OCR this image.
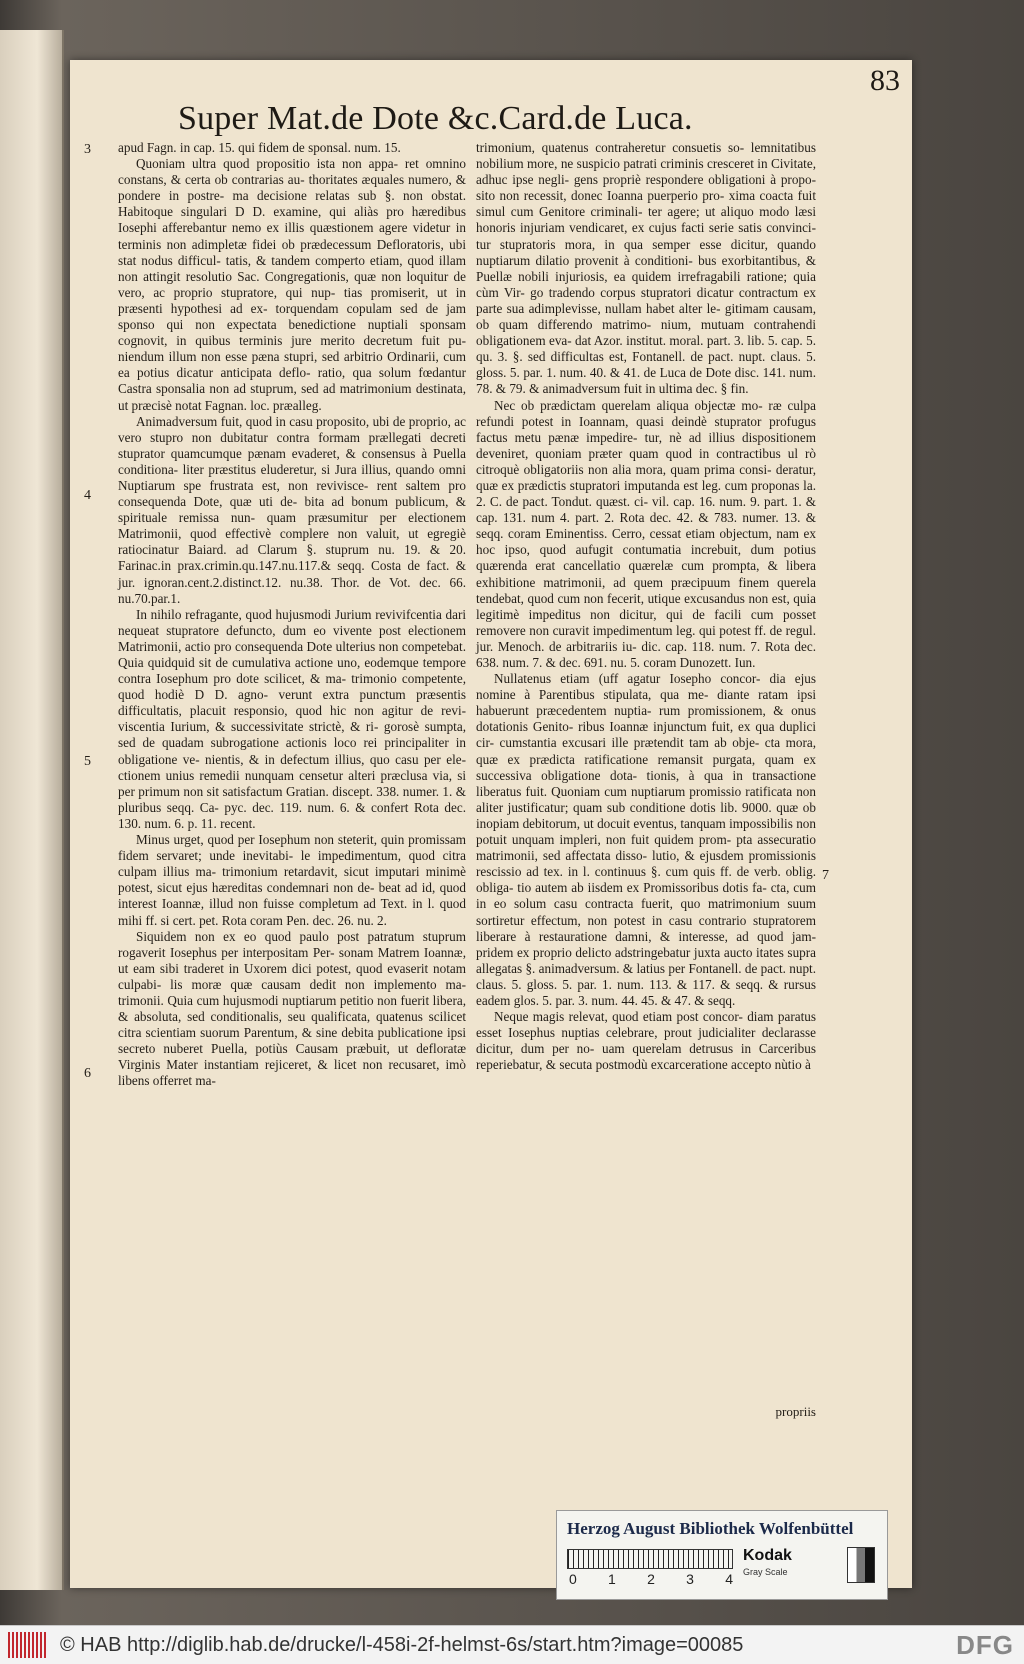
Super Mat.de Dote &c.Card.de Luca.
83
3
4
5
6
7

apud Fagn. in cap. 15. qui fidem de sponsal. num. 15.

Quoniam ultra quod propositio ista non appa- ret omnino constans, & certa ob contrarias au- thoritates æquales numero, & pondere in postre- ma decisione relatas sub §. non obstat. Habitoque singulari D D. examine, qui aliàs pro hæredibus Iosephi afferebantur nemo ex illis quæstionem agere videtur in terminis non adimpletæ fidei ob prædecessum Defloratoris, ubi stat nodus difficul- tatis, & tandem comperto etiam, quod illam non attingit resolutio Sac. Congregationis, quæ non loquitur de vero, ac proprio stupratore, qui nup- tias promiserit, ut in præsenti hypothesi ad ex- torquendam copulam sed de jam sponso qui non expectata benedictione nuptiali sponsam cognovit, in quibus terminis jure merito decretum fuit pu- niendum illum non esse pæna stupri, sed arbitrio Ordinarii, cum ea potius dicatur anticipata deflo- ratio, qua solum fœdantur Castra sponsalia non ad stuprum, sed ad matrimonium destinata, ut præcisè notat Fagnan. loc. præalleg.

Animadversum fuit, quod in casu proposito, ubi de proprio, ac vero stupro non dubitatur contra formam prællegati decreti stuprator quamcumque pænam evaderet, & consensus à Puella conditiona- liter præstitus eluderetur, si Jura illius, quando omni Nuptiarum spe frustrata est, non revivisce- rent saltem pro consequenda Dote, quæ uti de- bita ad bonum publicum, & spirituale remissa nun- quam præsumitur per electionem Matrimonii, quod effectivè complere non valuit, ut egregiè ratiocinatur Baiard. ad Clarum §. stuprum nu. 19. & 20. Farinac.in prax.crimin.qu.147.nu.117.& seqq. Costa de fact. & jur. ignoran.cent.2.distinct.12. nu.38. Thor. de Vot. dec. 66. nu.70.par.1.

In nihilo refragante, quod hujusmodi Jurium revivifcentia dari nequeat stupratore defuncto, dum eo vivente post electionem Matrimonii, actio pro consequenda Dote ulterius non competebat. Quia quidquid sit de cumulativa actione uno, eodemque tempore contra Iosephum pro dote scilicet, & ma- trimonio competente, quod hodiè D D. agno- verunt extra punctum præsentis difficultatis, placuit responsio, quod hic non agitur de revi- viscentia Iurium, & successivitate strictè, & ri- gorosè sumpta, sed de quadam subrogatione actionis loco rei principaliter in obligatione ve- nientis, & in defectum illius, quo casu per ele- ctionem unius remedii nunquam censetur alteri præclusa via, si per primum non sit satisfactum Gratian. discept. 338. numer. 1. & pluribus seqq. Ca- pyc. dec. 119. num. 6. & confert Rota dec. 130. num. 6. p. 11. recent.

Minus urget, quod per Iosephum non steterit, quin promissam fidem servaret; unde inevitabi- le impedimentum, quod citra culpam illius ma- trimonium retardavit, sicut imputari minimè potest, sicut ejus hæreditas condemnari non de- beat ad id, quod interest Ioannæ, illud non fuisse completum ad Text. in l. quod mihi ff. si cert. pet. Rota coram Pen. dec. 26. nu. 2.

Siquidem non ex eo quod paulo post patratum stuprum rogaverit Iosephus per interpositam Per- sonam Matrem Ioannæ, ut eam sibi traderet in Uxorem dici potest, quod evaserit notam culpabi- lis moræ quæ causam dedit non implemento ma- trimonii. Quia cum hujusmodi nuptiarum petitio non fuerit libera, & absoluta, sed conditionalis, seu qualificata, quatenus scilicet citra scientiam suorum Parentum, & sine debita publicatione ipsi secreto nuberet Puella, potiùs Causam præbuit, ut defloratæ Virginis Mater instantiam rejiceret, & licet non recusaret, imò libens offerret ma-

trimonium, quatenus contraheretur consuetis so- lemnitatibus nobilium more, ne suspicio patrati criminis cresceret in Civitate, adhuc ipse negli- gens propriè respondere obligationi à propo- sito non recessit, donec Ioanna puerperio pro- xima coacta fuit simul cum Genitore criminali- ter agere; ut aliquo modo læsi honoris injuriam vendicaret, ex cujus facti serie satis convinci- tur stupratoris mora, in qua semper esse dicitur, quando nuptiarum dilatio provenit à conditioni- bus exorbitantibus, & Puellæ nobili injuriosis, ea quidem irrefragabili ratione; quia cùm Vir- go tradendo corpus stupratori dicatur contractum ex parte sua adimplevisse, nullam habet alter le- gitimam causam, ob quam differendo matrimo- nium, mutuam contrahendi obligationem eva- dat Azor. institut. moral. part. 3. lib. 5. cap. 5. qu. 3. §. sed difficultas est, Fontanell. de pact. nupt. claus. 5. gloss. 5. par. 1. num. 40. & 41. de Luca de Dote disc. 141. num. 78. & 79. & animadversum fuit in ultima dec. § fin.

Nec ob prædictam querelam aliqua objectæ mo- ræ culpa refundi potest in Ioannam, quasi deindè stuprator profugus factus metu pænæ impedire- tur, nè ad illius dispositionem deveniret, quoniam præter quam quod in contractibus ul rò citroquè obligatoriis non alia mora, quam prima consi- deratur, quæ ex prædictis stupratori imputanda est leg. cum proponas la. 2. C. de pact. Tondut. quæst. ci- vil. cap. 16. num. 9. part. 1. & cap. 131. num 4. part. 2. Rota dec. 42. & 783. numer. 13. & seqq. coram Eminentiss. Cerro, cessat etiam objectum, nam ex hoc ipso, quod aufugit contumatia increbuit, dum potius quærenda erat cancellatio quærelæ cum prompta, & libera exhibitione matrimonii, ad quem præcipuum finem querela tendebat, quod cum non fecerit, utique excusandus non est, quia legitimè impeditus non dicitur, qui de facili cum posset removere non curavit impedimentum leg. qui potest ff. de regul. jur. Menoch. de arbitrariis iu- dic. cap. 118. num. 7. Rota dec. 638. num. 7. & dec. 691. nu. 5. coram Dunozett. Iun.

Nullatenus etiam (uff agatur Iosepho concor- dia ejus nomine à Parentibus stipulata, qua me- diante ratam ipsi habuerunt præcedentem nuptia- rum promissionem, & onus dotationis Genito- ribus Ioannæ injunctum fuit, ex qua duplici cir- cumstantia excusari ille prætendit tam ab obje- cta mora, quæ ex prædicta ratificatione remansit purgata, quam ex successiva obligatione dota- tionis, à qua in transactione liberatus fuit. Quoniam cum nuptiarum promissio ratificata non aliter justificatur; quam sub conditione dotis lib. 9000. quæ ob inopiam debitorum, ut docuit eventus, tanquam impossibilis non potuit unquam impleri, non fuit quidem prom- pta assecuratio matrimonii, sed affectata disso- lutio, & ejusdem promissionis rescissio ad tex. in l. continuus §. cum quis ff. de verb. oblig. obliga- tio autem ab iisdem ex Promissoribus dotis fa- cta, cum in eo solum casu contracta fuerit, quo matrimonium suum sortiretur effectum, non potest in casu contrario stupratorem liberare à restauratione damni, & interesse, ad quod jam- pridem ex proprio delicto adstringebatur juxta aucto itates supra allegatas §. animadversum. & latius per Fontanell. de pact. nupt. claus. 5. gloss. 5. par. 1. num. 113. & 117. & seqq. & rursus eadem glos. 5. par. 3. num. 44. 45. & 47. & seqq.

Neque magis relevat, quod etiam post concor- diam paratus esset Iosephus nuptias celebrare, prout judicialiter declarasse dicitur, dum per no- uam querelam detrusus in Carceribus reperiebatur, & secuta postmodù excarceratione accepto nùtio à

propriis
Herzog August Bibliothek Wolfenbüttel
0 1 2 3 4
Kodak
Gray Scale
© HAB http://diglib.hab.de/drucke/l-458i-2f-helmst-6s/start.htm?image=00085	DFG
